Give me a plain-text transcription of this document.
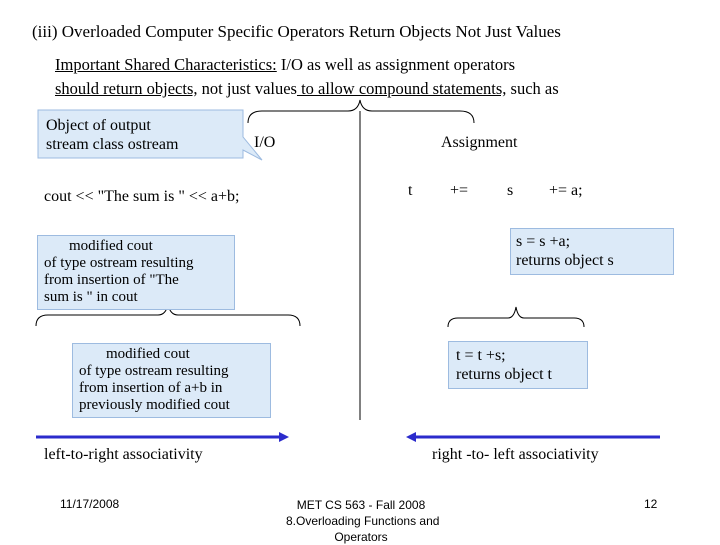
(iii) Overloaded Computer Specific Operators Return Objects Not Just Values
Important Shared Characteristics: I/O as well as assignment operators
should return objects, not just values to allow compound statements, such as
Object of output
stream class ostream	I/O	Assignment
cout << "The sum is " << a+b;	t += s += a;
modified cout
of type ostream resulting
from insertion of "The
sum is " in cout
modified cout
of type ostream resulting
from insertion of a+b in
previously modified cout
s = s +a;
returns object s
t = t +s;
returns object t
left-to-right associativity	right -to- left associativity
11/17/2008	MET CS 563 - Fall 2008
8.Overloading Functions and
Operators
12
